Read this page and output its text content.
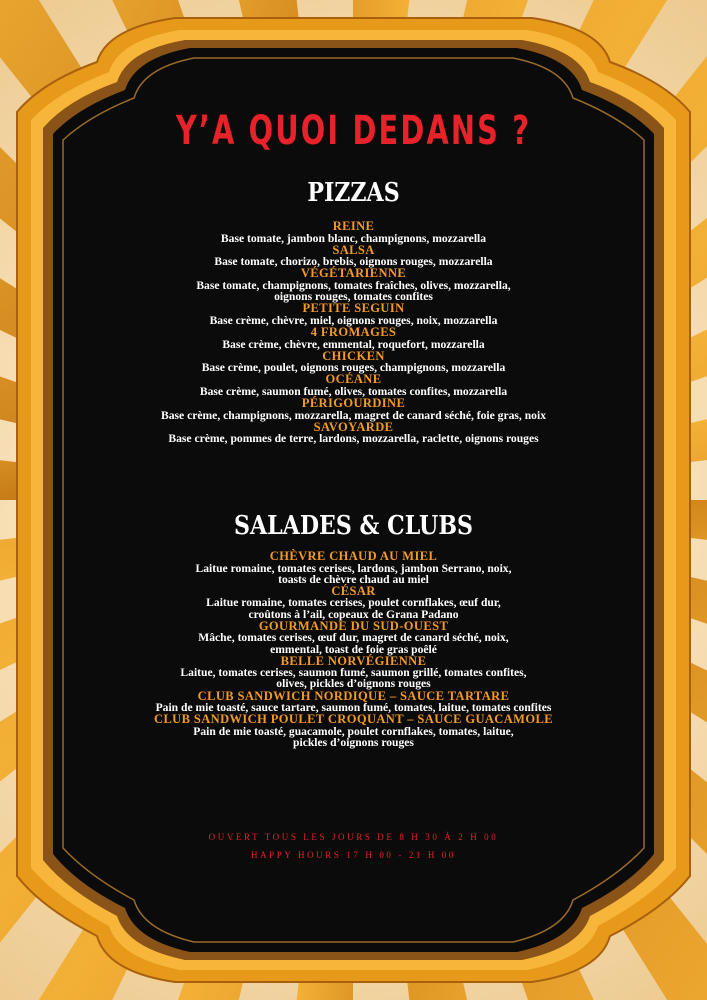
Y’A QUOI DEDANS ?
PIZZAS
REINE
Base tomate, jambon blanc, champignons, mozzarella
SALSA
Base tomate, chorizo, brebis, oignons rouges, mozzarella
VÉGÉTARIENNE
Base tomate, champignons, tomates fraîches, olives, mozzarella,
oignons rouges, tomates confites
PETITE SEGUIN
Base crème, chèvre, miel, oignons rouges, noix, mozzarella
4 FROMAGES
Base crème, chèvre, emmental, roquefort, mozzarella
CHICKEN
Base crème, poulet, oignons rouges, champignons, mozzarella
OCÉANE
Base crème, saumon fumé, olives, tomates confites, mozzarella
PÉRIGOURDINE
Base crème, champignons, mozzarella, magret de canard séché, foie gras, noix
SAVOYARDE
Base crème, pommes de terre, lardons, mozzarella, raclette, oignons rouges
SALADES & CLUBS
CHÈVRE CHAUD AU MIEL
Laitue romaine, tomates cerises, lardons, jambon Serrano, noix,
toasts de chèvre chaud au miel
CÉSAR
Laitue romaine, tomates cerises, poulet cornflakes, œuf dur,
croûtons à l’ail, copeaux de Grana Padano
GOURMANDE DU SUD-OUEST
Mâche, tomates cerises, œuf dur, magret de canard séché, noix,
emmental, toast de foie gras poêlé
BELLE NORVÉGIENNE
Laitue, tomates cerises, saumon fumé, saumon grillé, tomates confites,
olives, pickles d’oignons rouges
CLUB SANDWICH NORDIQUE – SAUCE TARTARE
Pain de mie toasté, sauce tartare, saumon fumé, tomates, laitue, tomates confites
CLUB SANDWICH POULET CROQUANT – SAUCE GUACAMOLE
Pain de mie toasté, guacamole, poulet cornflakes, tomates, laitue,
pickles d’oignons rouges
OUVERT TOUS LES JOURS DE 8 H 30 À 2 H 00
HAPPY HOURS 17 H 00 - 21 H 00
